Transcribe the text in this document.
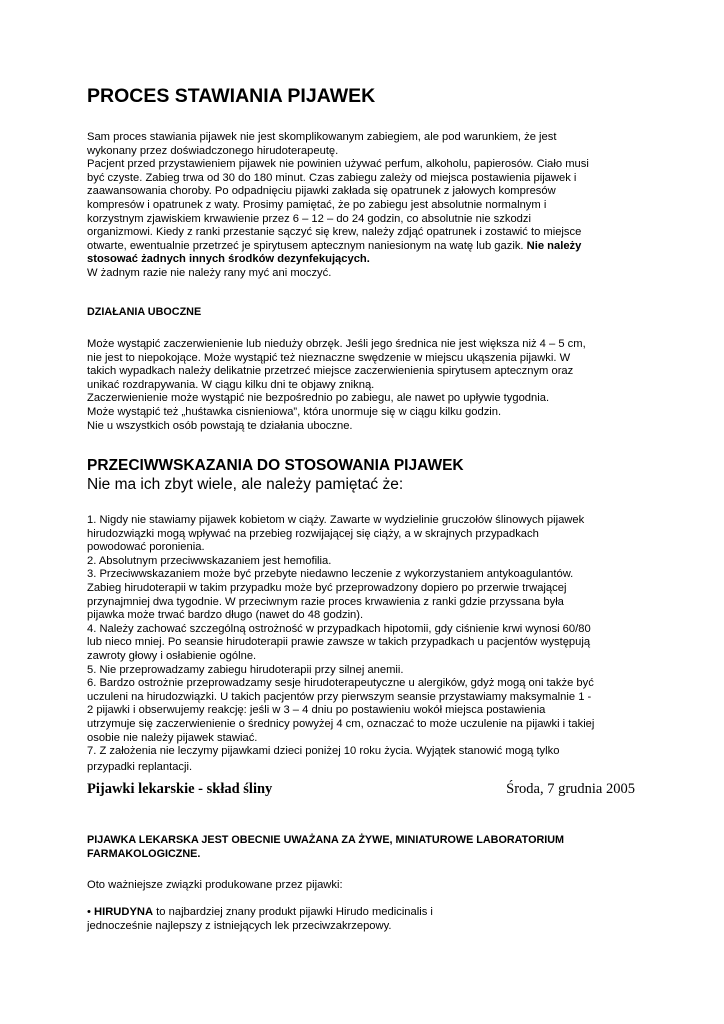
PROCES STAWIANIA PIJAWEK

Sam proces stawiania pijawek nie jest skomplikowanym zabiegiem, ale pod warunkiem, że jest

wykonany przez doświadczonego hirudoterapeutę.

Pacjent przed przystawieniem pijawek nie powinien używać perfum, alkoholu, papierosów. Ciało musi

być czyste. Zabieg trwa od 30 do 180 minut. Czas zabiegu zależy od miejsca postawienia pijawek i

zaawansowania choroby. Po odpadnięciu pijawki zakłada się opatrunek z jałowych kompresów

kompresów i opatrunek z waty. Prosimy pamiętać, że po zabiegu jest absolutnie normalnym i

korzystnym zjawiskiem krwawienie przez 6 – 12 – do 24 godzin, co absolutnie nie szkodzi

organizmowi. Kiedy z ranki przestanie sączyć się krew, należy zdjąć opatrunek i zostawić to miejsce

otwarte, ewentualnie przetrzeć je spirytusem aptecznym naniesionym na watę lub gazik. Nie należy

stosować żadnych innych środków dezynfekujących.

W żadnym razie nie należy rany myć ani moczyć.

DZIAŁANIA UBOCZNE

Może wystąpić zaczerwienienie lub niedużу obrzęk. Jeśli jego średnica nie jest większa niż 4 – 5 cm,

nie jest to niepokojące. Może wystąpić też nieznaczne swędzenie w miejscu ukąszenia pijawki. W

takich wypadkach należy delikatnie przetrzeć miejsce zaczerwienienia spirytusem aptecznym oraz

unikać rozdrapywania. W ciągu kilku dni te objawy znikną.

Zaczerwienienie może wystąpić nie bezpośrednio po zabiegu, ale nawet po upływie tygodnia.

Może wystąpić też „huśtawka cisnieniowa”, która unormuje się w ciągu kilku godzin.

Nie u wszystkich osób powstają te działania uboczne.

PRZECIWWSKAZANIA DO STOSOWANIA PIJAWEK
Nie ma ich zbyt wiele, ale należy pamiętać że:

1. Nigdy nie stawiamy pijawek kobietom w ciąży. Zawarte w wydzielinie gruczołów ślinowych pijawek

hirudozwiązki mogą wpływać na przebieg rozwijającej się ciąży, a w skrajnych przypadkach

powodować poronienia.

2. Absolutnym przeciwwskazaniem jest hemofilia.

3. Przeciwwskazaniem może być przebyte niedawno leczenie z wykorzystaniem antykoagulantów.

Zabieg hirudoterapii w takim przypadku może być przeprowadzony dopiero po przerwie trwającej

przynajmniej dwa tygodnie. W przeciwnym razie proces krwawienia z ranki gdzie przyssana była

pijawka może trwać bardzo długo (nawet do 48 godzin).

4. Należy zachować szczególną ostrożność w przypadkach hipotomii, gdy ciśnienie krwi wynosi 60/80

lub nieco mniej. Po seansie hirudoterapii prawie zawsze w takich przypadkach u pacjentów występują

zawroty głowy i osłabienie ogólne.

5. Nie przeprowadzamy zabiegu hirudoterapii przy silnej anemii.

6. Bardzo ostrożnie przeprowadzamy sesje hirudoterapeutyczne u alergików, gdyż mogą oni także być

uczuleni na hirudozwiązki. U takich pacjentów przy pierwszym seansie przystawiamy maksymalnie 1 -

2 pijawki i obserwujemy reakcję: jeśli w 3 – 4 dniu po postawieniu wokół miejsca postawienia

utrzymuje się zaczerwienienie o średnicy powyżej 4 cm, oznaczać to może uczulenie na pijawki i takiej

osobie nie należy pijawek stawiać.

7. Z założenia nie leczymy pijawkami dzieci poniżej 10 roku życia. Wyjątek stanowić mogą tylko

przypadki replantacji.

Pijawki lekarskie - skład śliny	Środa, 7 grudnia 2005
PIJAWKA LEKARSKA JEST OBECNIE UWAŻANA ZA ŻYWE, MINIATUROWE LABORATORIUM
FARMAKOLOGICZNE.
Oto ważniejsze związki produkowane przez pijawki:

• HIRUDYNA to najbardziej znany produkt pijawki Hirudo medicinalis i

jednocześnie najlepszy z istniejących lek przeciwzakrzepowy.
